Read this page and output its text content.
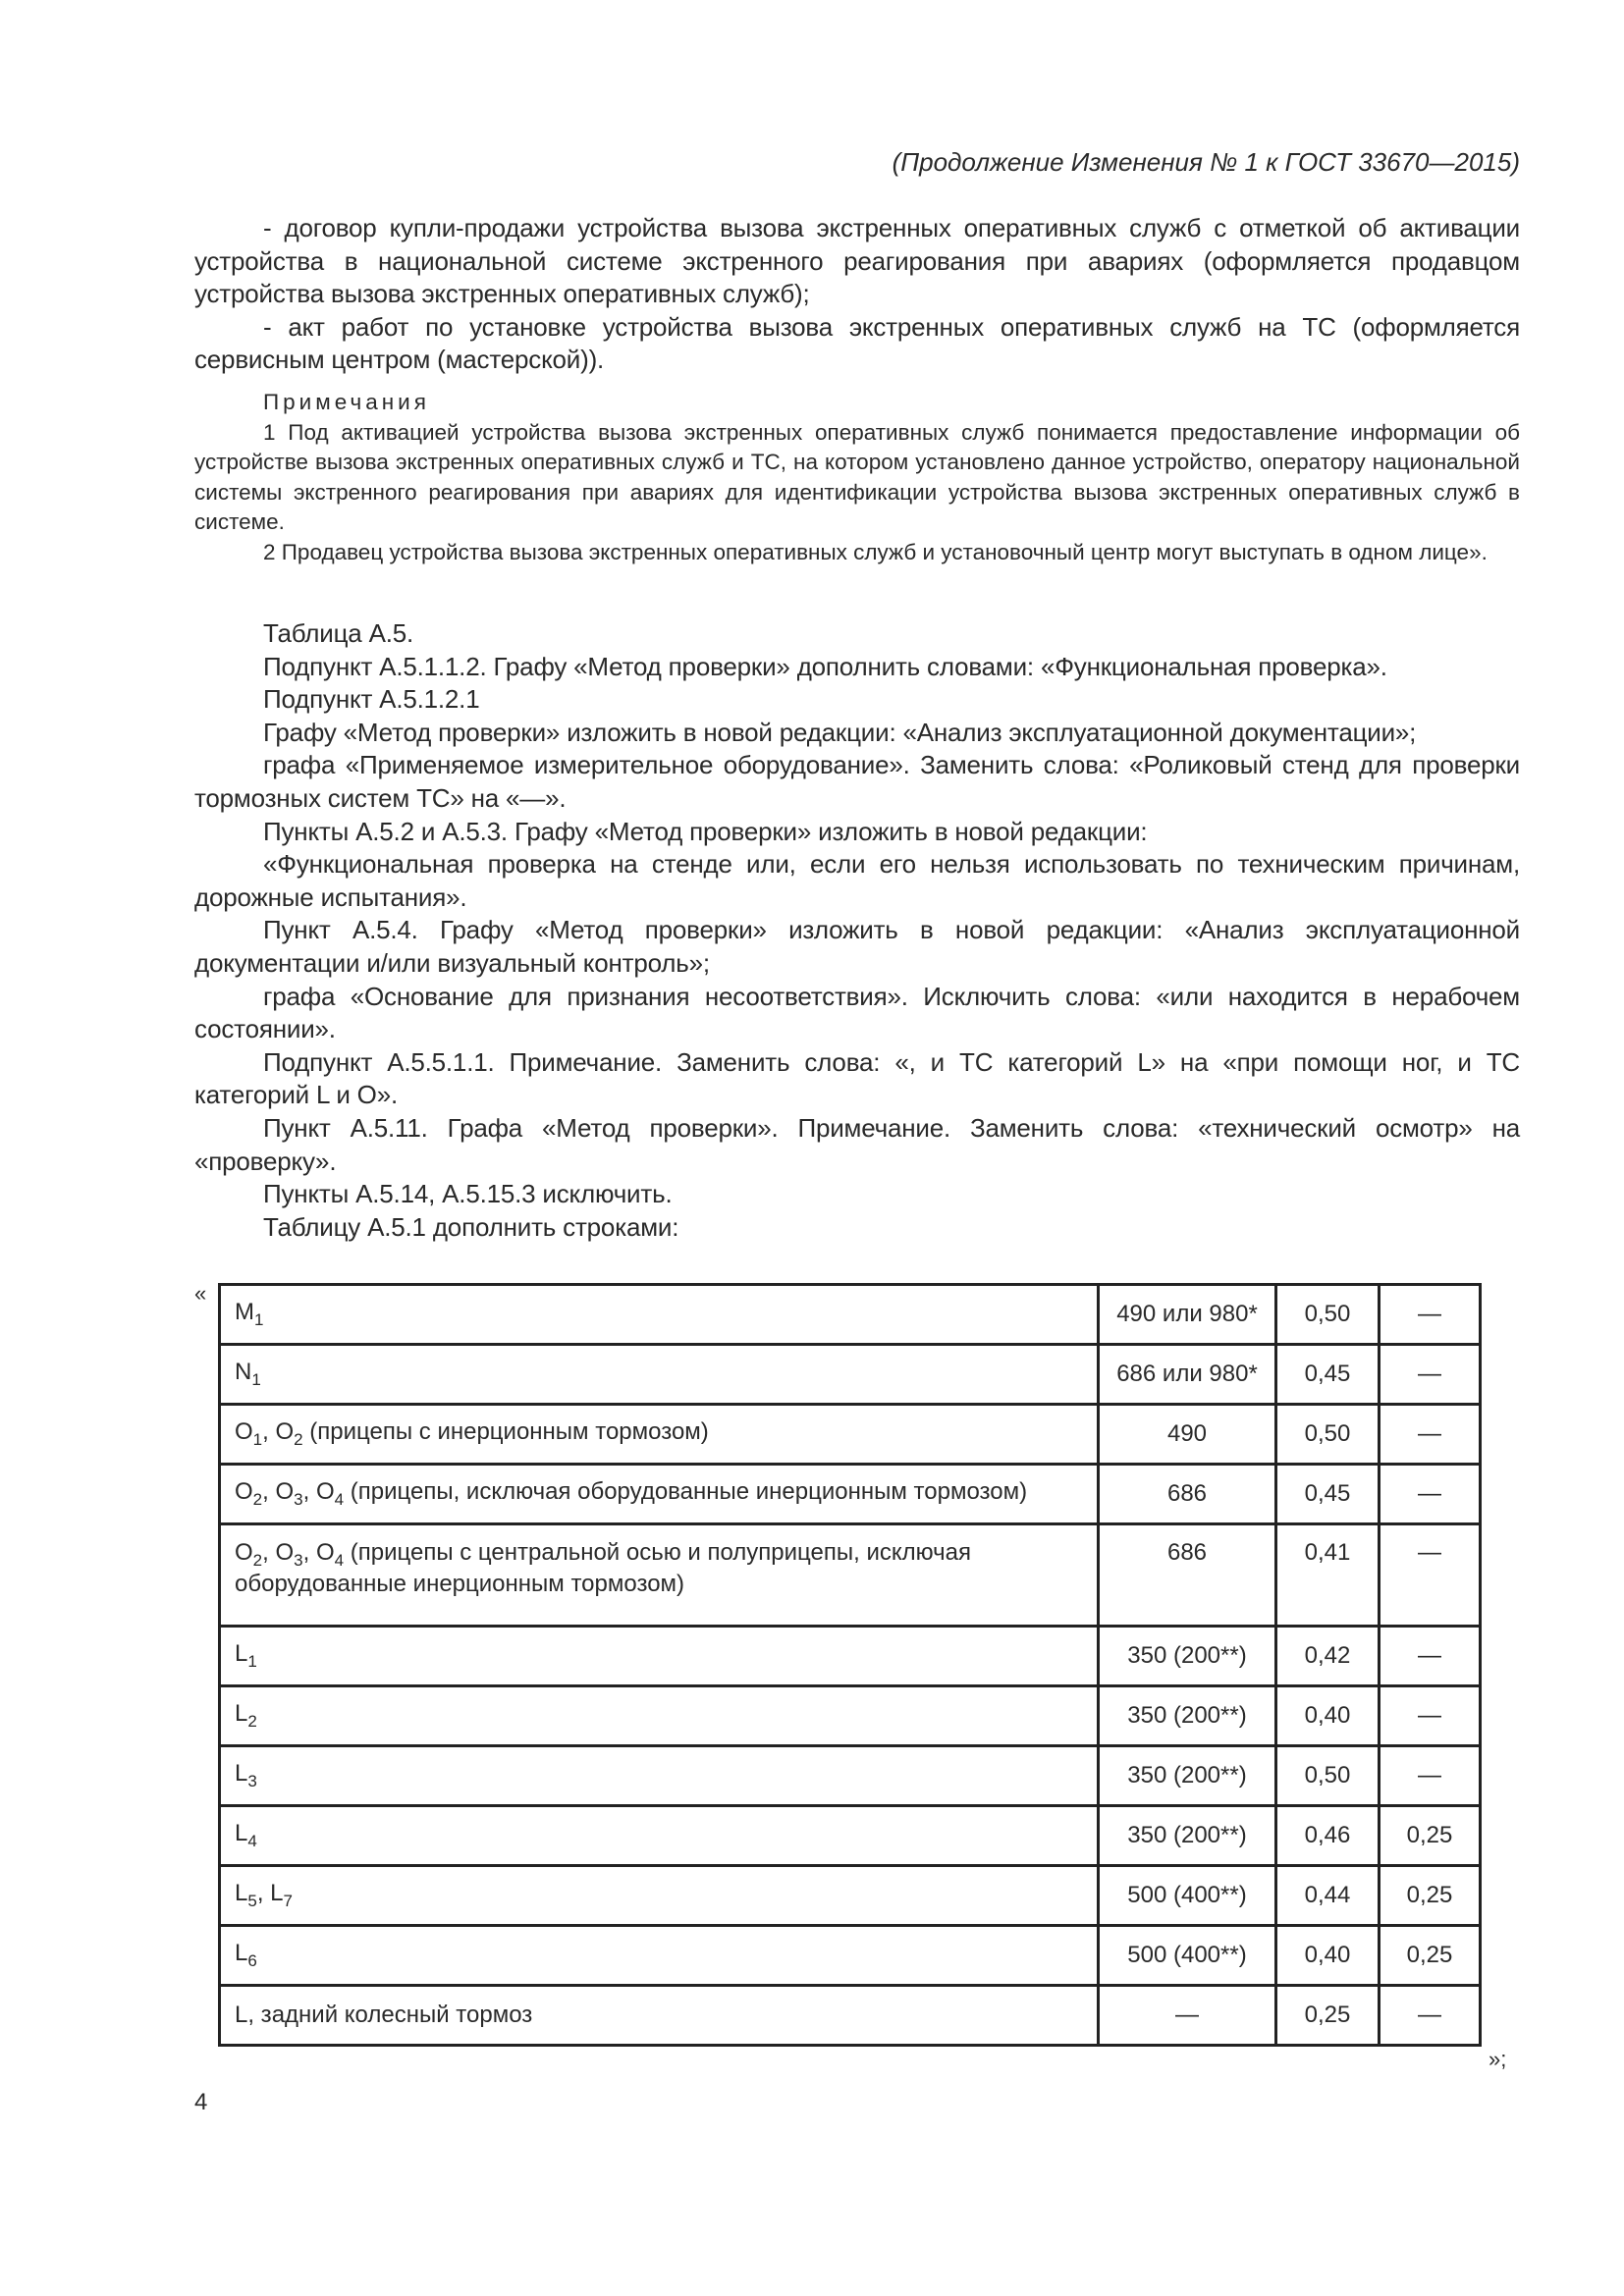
(Продолжение Изменения № 1 к ГОСТ 33670—2015)

- договор купли-продажи устройства вызова экстренных оперативных служб с отметкой об активации устройства в национальной системе экстренного реагирования при авариях (оформляется продавцом устройства вызова экстренных оперативных служб);

- акт работ по установке устройства вызова экстренных оперативных служб на ТС (оформляется сервисным центром (мастерской)).

Примечания

1 Под активацией устройства вызова экстренных оперативных служб понимается предоставление информации об устройстве вызова экстренных оперативных служб и ТС, на котором установлено данное устройство, оператору национальной системы экстренного реагирования при авариях для идентификации устройства вызова экстренных оперативных служб в системе.

2 Продавец устройства вызова экстренных оперативных служб и установочный центр могут выступать в одном лице».

Таблица А.5.

Подпункт А.5.1.1.2. Графу «Метод проверки» дополнить словами: «Функциональная проверка».

Подпункт А.5.1.2.1

Графу «Метод проверки» изложить в новой редакции: «Анализ эксплуатационной документации»;

графа «Применяемое измерительное оборудование». Заменить слова: «Роликовый стенд для проверки тормозных систем ТС» на «—».

Пункты А.5.2 и А.5.3. Графу «Метод проверки» изложить в новой редакции:

«Функциональная проверка на стенде или, если его нельзя использовать по техническим причинам, дорожные испытания».

Пункт А.5.4. Графу «Метод проверки» изложить в новой редакции: «Анализ эксплуатационной документации и/или визуальный контроль»;

графа «Основание для признания несоответствия». Исключить слова: «или находится в нерабочем состоянии».

Подпункт А.5.5.1.1. Примечание. Заменить слова: «, и ТС категорий L» на «при помощи ног, и ТС категорий L и О».

Пункт А.5.11. Графа «Метод проверки». Примечание. Заменить слова: «технический осмотр» на «проверку».

Пункты А.5.14, А.5.15.3 исключить.

Таблицу А.5.1 дополнить строками:

«
$M_1$	490 или 980*	0,50	—
$N_1$	686 или 980*	0,45	—
$O_1$, $O_2$ (прицепы с инерционным тормозом)	490	0,50	—
$O_2$, $O_3$, $O_4$ (прицепы, исключая оборудованные инерционным тормозом)	686	0,45	—
$O_2$, $O_3$, $O_4$ (прицепы с центральной осью и полуприцепы, исключая оборудованные инерционным тормозом)	686	0,41	—
$L_1$	350 (200**)	0,42	—
$L_2$	350 (200**)	0,40	—
$L_3$	350 (200**)	0,50	—
$L_4$	350 (200**)	0,46	0,25
$L_5$, $L_7$	500 (400**)	0,44	0,25
$L_6$	500 (400**)	0,40	0,25
L, задний колесный тормоз	—	0,25	—
»;
4
